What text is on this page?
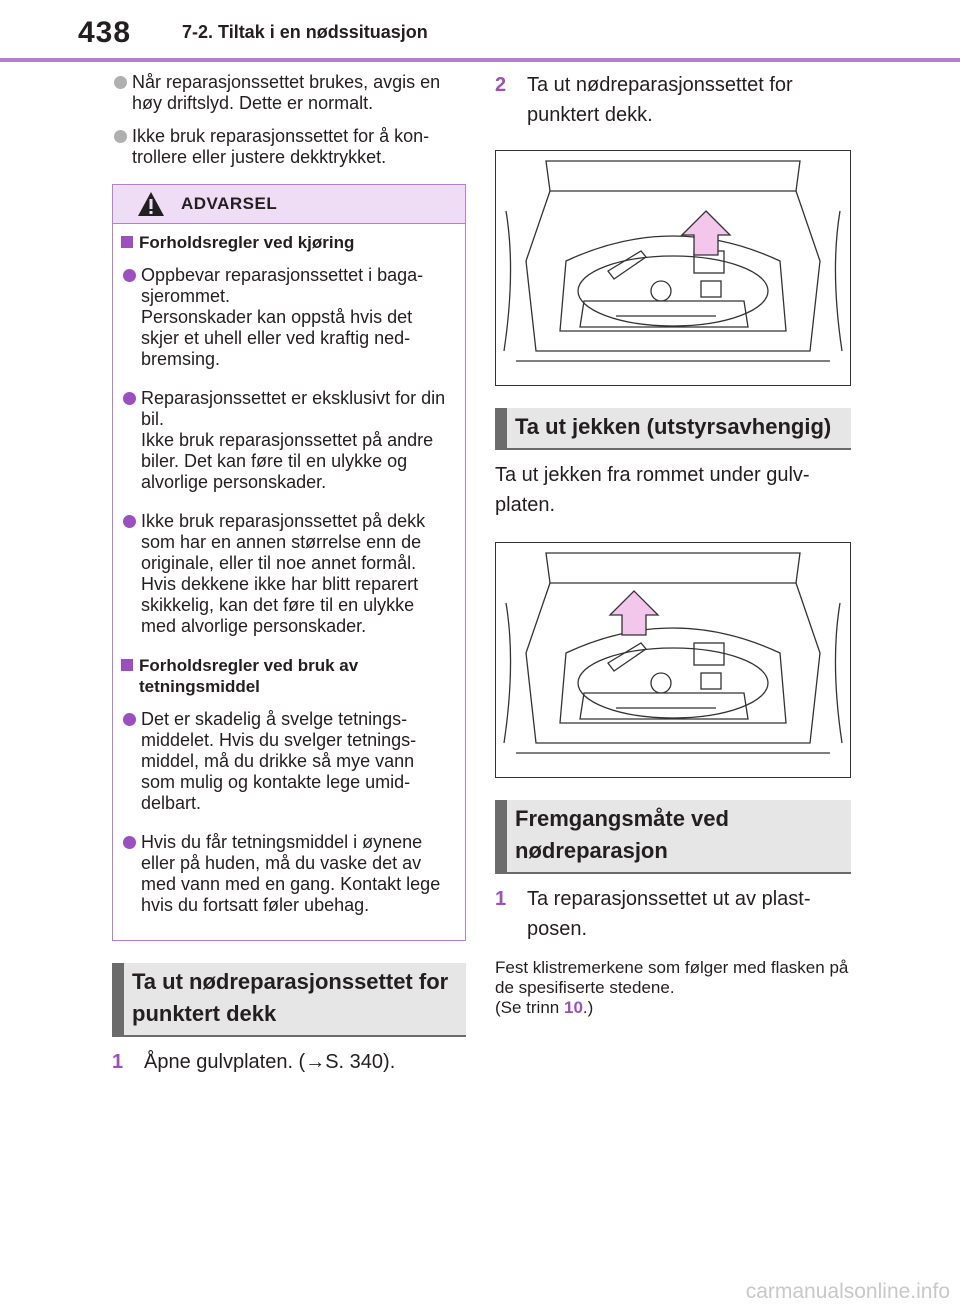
438	7-2. Tiltak i en nødssituasjon
Når reparasjonssettet brukes, avgis en høy driftslyd. Dette er normalt.
Ikke bruk reparasjonssettet for å kon-trollere eller justere dekktrykket.
ADVARSEL
Forholdsregler ved kjøring
Oppbevar reparasjonssettet i baga-sjerommet.
Personskader kan oppstå hvis det skjer et uhell eller ved kraftig ned-bremsing.
Reparasjonssettet er eksklusivt for din bil.
Ikke bruk reparasjonssettet på andre biler. Det kan føre til en ulykke og alvorlige personskader.
Ikke bruk reparasjonssettet på dekk som har en annen størrelse enn de originale, eller til noe annet formål. Hvis dekkene ikke har blitt reparert skikkelig, kan det føre til en ulykke med alvorlige personskader.
Forholdsregler ved bruk av tetningsmiddel
Det er skadelig å svelge tetnings-middelet. Hvis du svelger tetnings-middel, må du drikke så mye vann som mulig og kontakte lege umid-delbart.
Hvis du får tetningsmiddel i øynene eller på huden, må du vaske det av med vann med en gang. Kontakt lege hvis du fortsatt føler ubehag.
Ta ut nødreparasjonssettet for punktert dekk
1 Åpne gulvplaten. (→S. 340).
2 Ta ut nødreparasjonssettet for punktert dekk.
Ta ut jekken (utstyrsavhengig)
Ta ut jekken fra rommet under gulv-platen.
Fremgangsmåte ved nødreparasjon
1 Ta reparasjonssettet ut av plast-posen.
Fest klistremerkene som følger med flasken på de spesifiserte stedene.
(Se trinn 10.)
carmanualsonline.info
